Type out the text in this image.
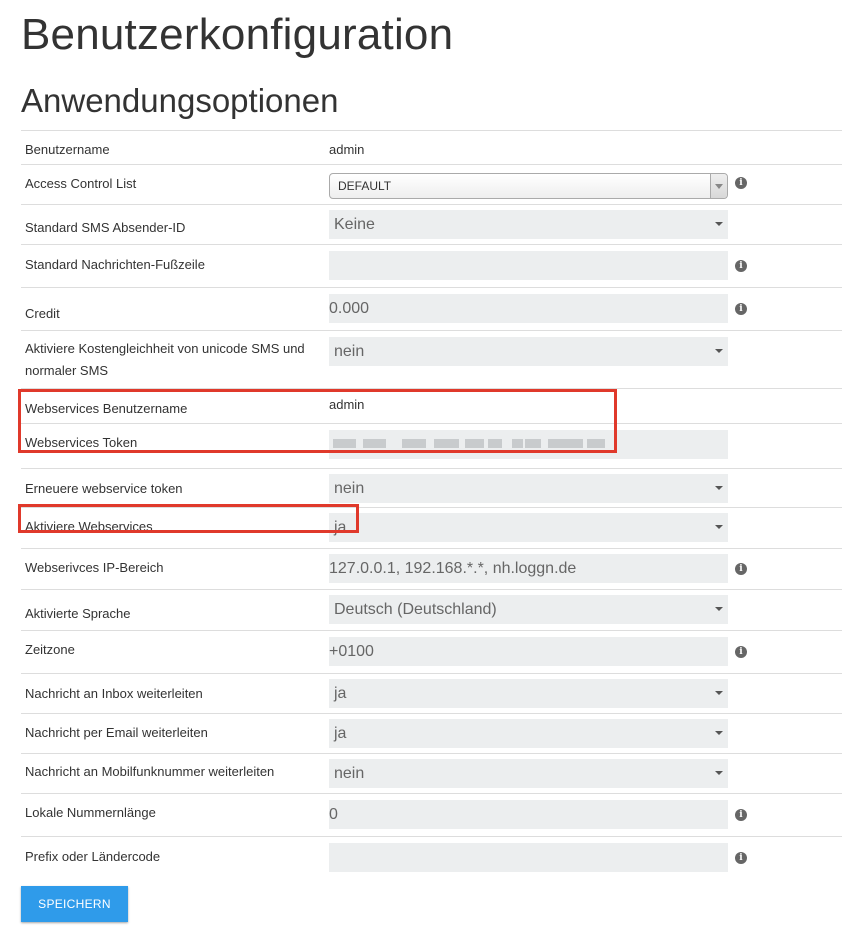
Benutzerkonfiguration
Anwendungsoptionen
Benutzername	admin

Access Control List	DEFAULT i

Standard SMS Absender-ID	Keine

Standard Nachrichten-Fußzeile	i

Credit	0.000 i

Aktiviere Kostengleichheit von unicode SMS und normaler SMS	nein

Webservices Benutzername	admin

Webservices Token	

Erneuere webservice token	nein

Aktiviere Webservices	ja

Webserivces IP-Bereich	127.0.0.1, 192.168.*.*, nh.loggn.de i

Aktivierte Sprache	Deutsch (Deutschland)

Zeitzone	+0100 i

Nachricht an Inbox weiterleiten	ja

Nachricht per Email weiterleiten	ja

Nachricht an Mobilfunknummer weiterleiten	nein

Lokale Nummernlänge	0 i

Prefix oder Ländercode	i
SPEICHERN
